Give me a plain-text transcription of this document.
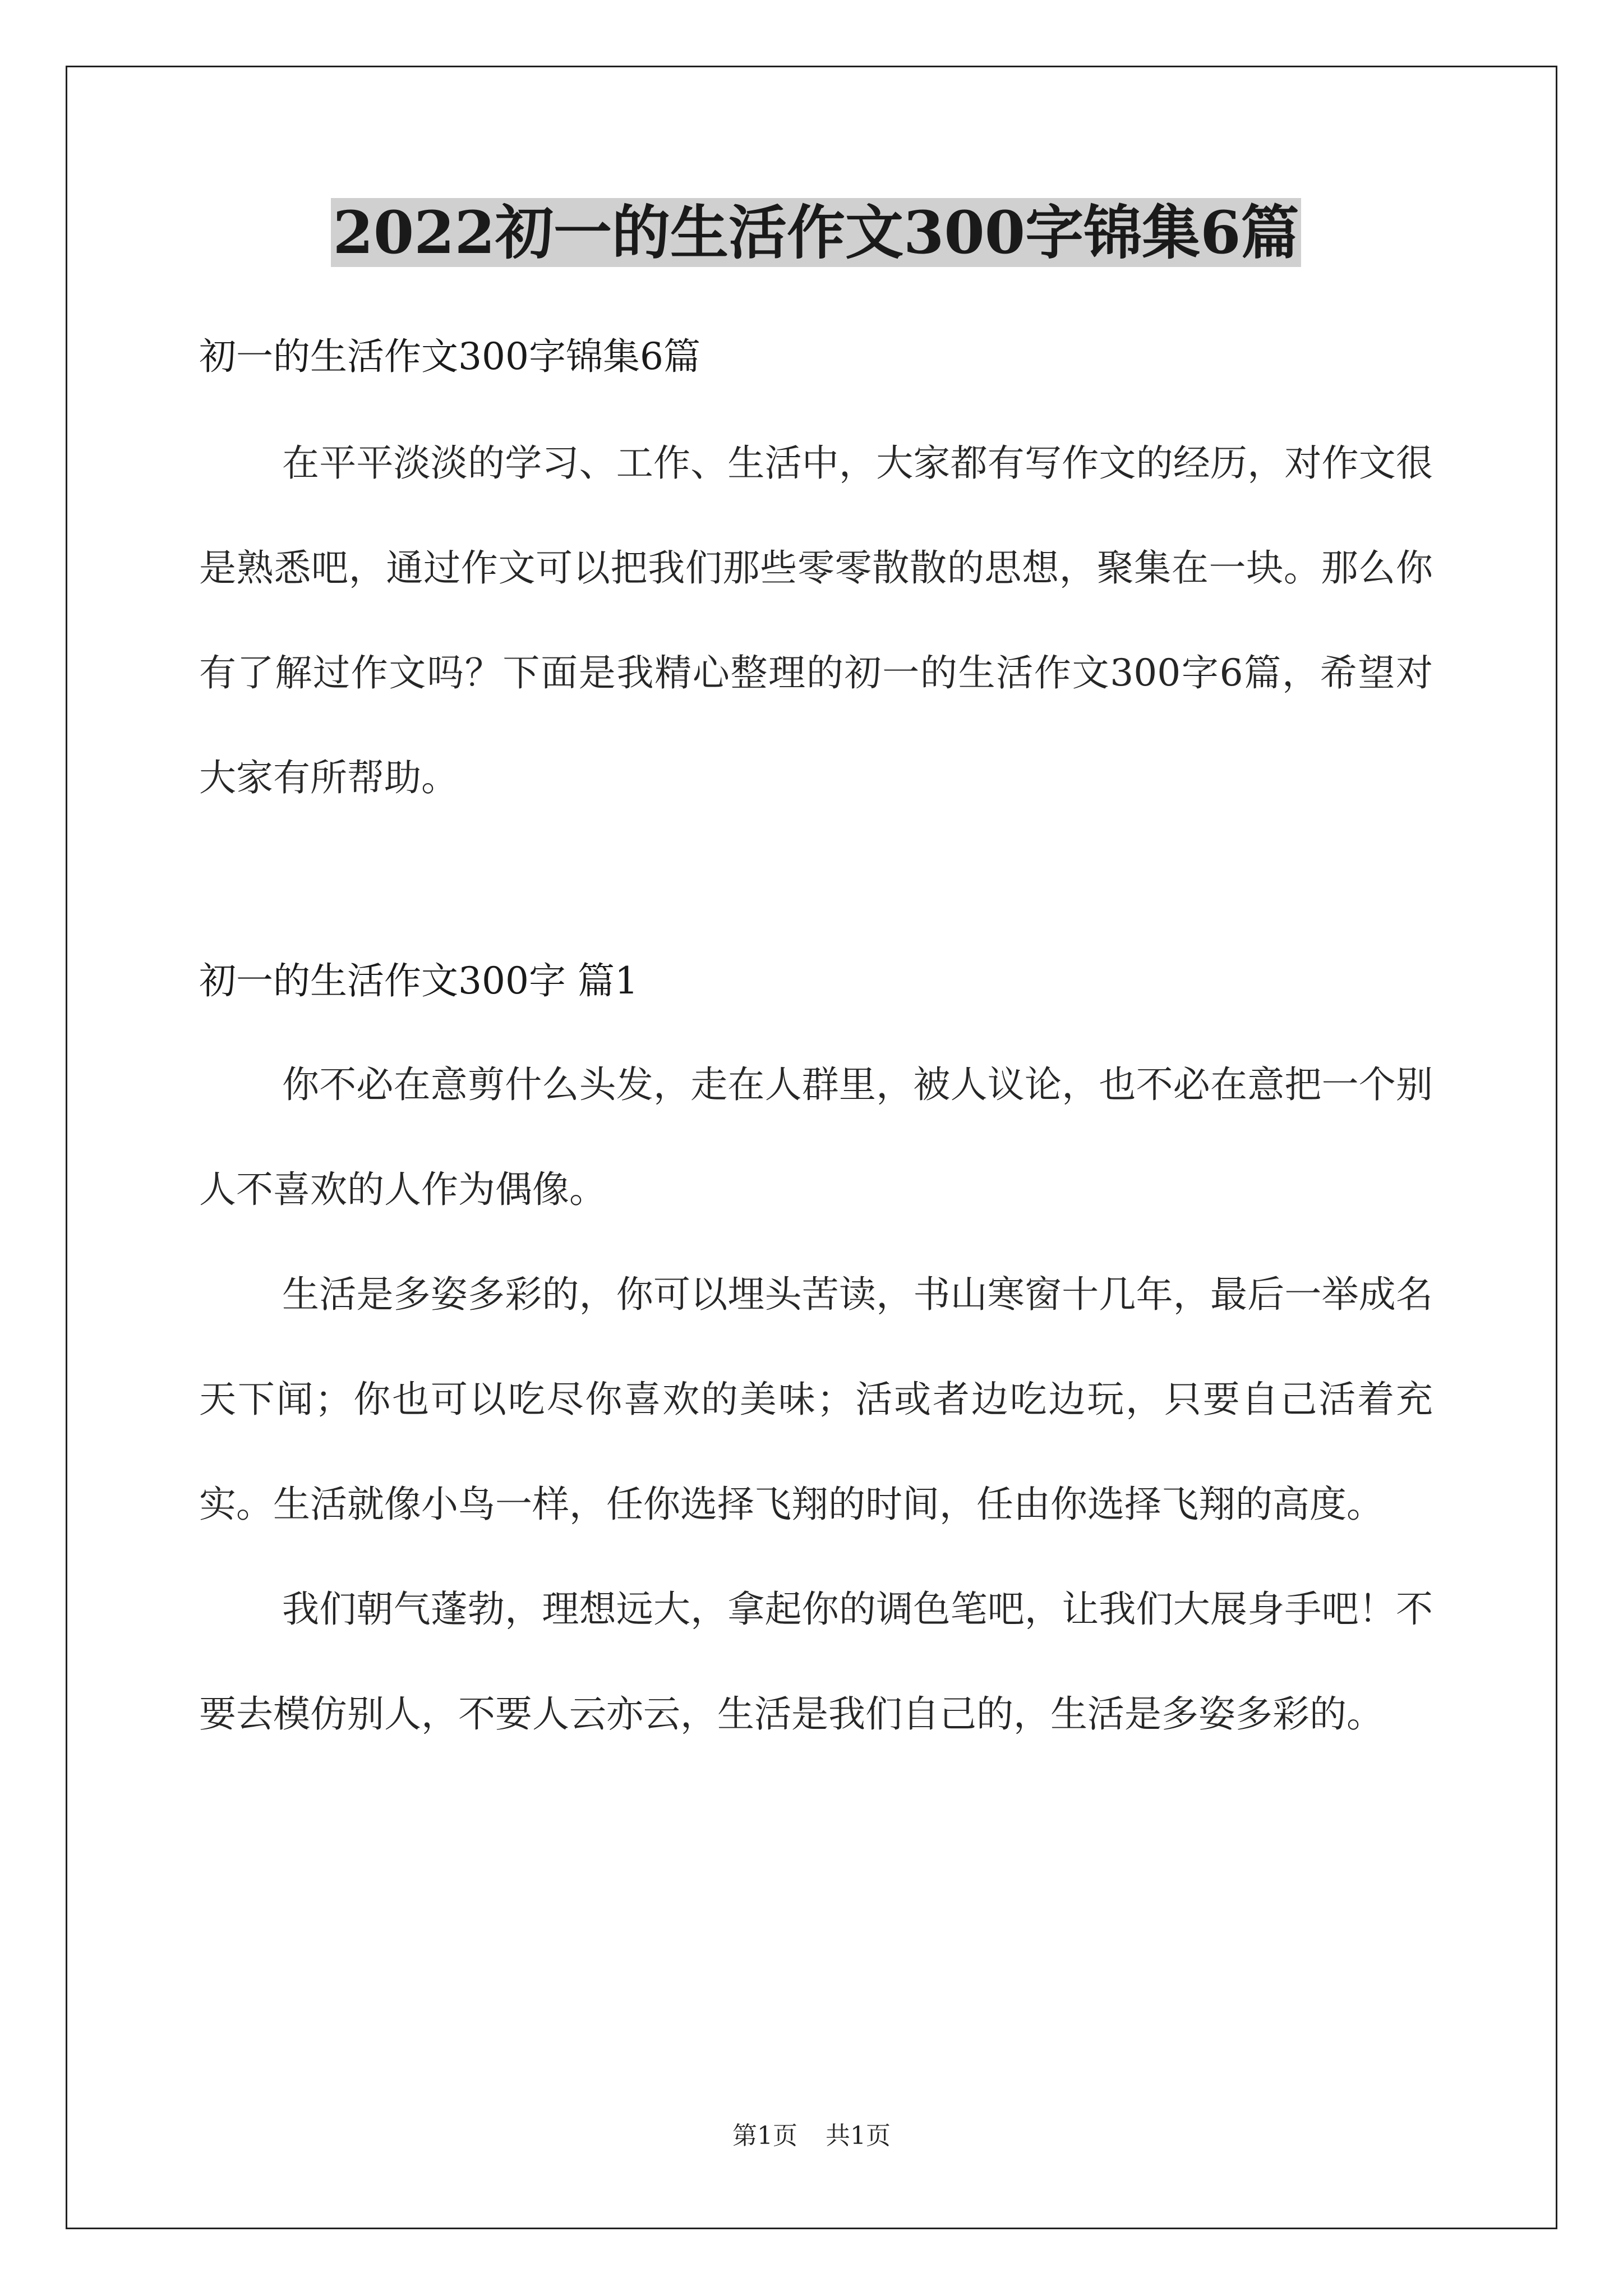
2022初一的生活作文300字锦集6篇

初一的生活作文300字锦集6篇

在平平淡淡的学习、工作、生活中，大家都有写作文的经历，对作文很是熟悉吧，通过作文可以把我们那些零零散散的思想，聚集在一块。那么你有了解过作文吗？下面是我精心整理的初一的生活作文300字6篇，希望对大家有所帮助。

初一的生活作文300字 篇1

你不必在意剪什么头发，走在人群里，被人议论，也不必在意把一个别人不喜欢的人作为偶像。

生活是多姿多彩的，你可以埋头苦读，书山寒窗十几年，最后一举成名天下闻；你也可以吃尽你喜欢的美味；活或者边吃边玩，只要自己活着充实。生活就像小鸟一样，任你选择飞翔的时间，任由你选择飞翔的高度。

我们朝气蓬勃，理想远大，拿起你的调色笔吧，让我们大展身手吧！不要去模仿别人，不要人云亦云，生活是我们自己的，生活是多姿多彩的。

第1页 共1页
